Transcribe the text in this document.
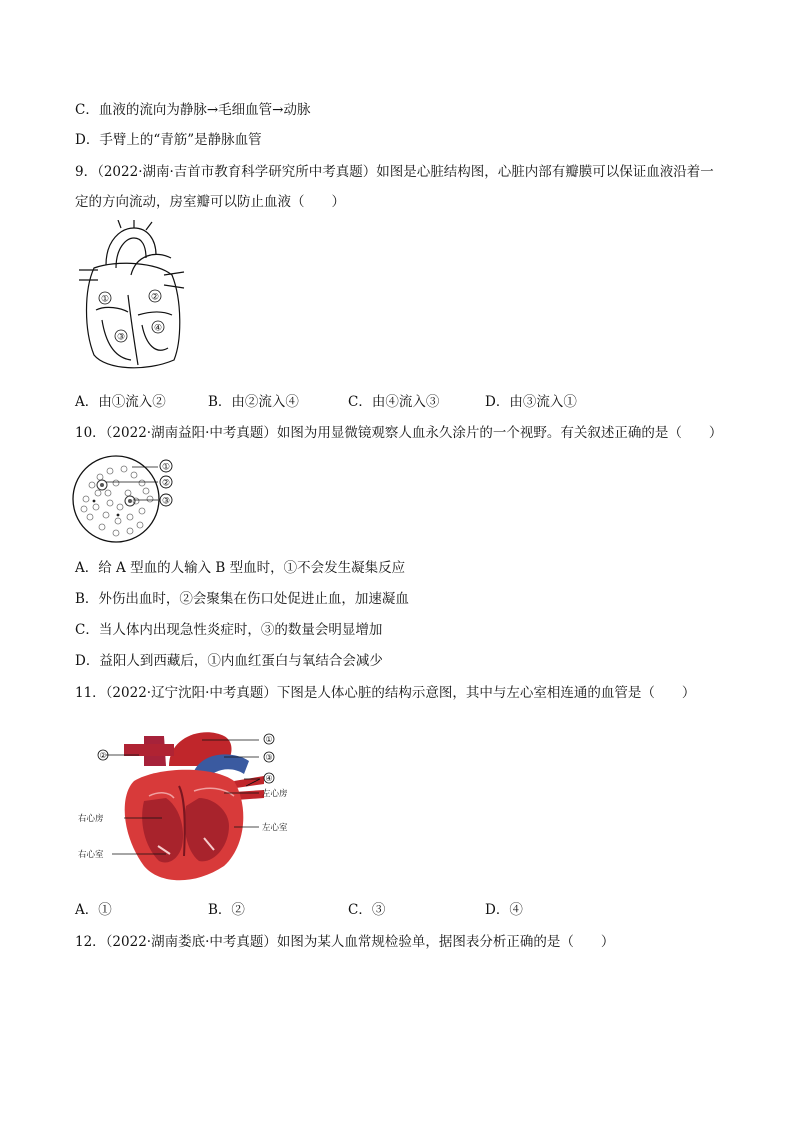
C．血液的流向为静脉→毛细血管→动脉
D．手臂上的“青筋”是静脉血管
9．（2022·湖南·吉首市教育科学研究所中考真题）如图是心脏结构图，心脏内部有瓣膜可以保证血液沿着一
定的方向流动，房室瓣可以防止血液（　　）
①	②
③
④
A．由①流入②	B．由②流入④	C．由④流入③	D．由③流入①
10．（2022·湖南益阳·中考真题）如图为用显微镜观察人血永久涂片的一个视野。有关叙述正确的是（　　）
①
②
③
A．给 A 型血的人输入 B 型血时，①不会发生凝集反应
B．外伤出血时，②会聚集在伤口处促进止血，加速凝血
C．当人体内出现急性炎症时，③的数量会明显增加
D．益阳人到西藏后，①内血红蛋白与氧结合会减少
11．（2022·辽宁沈阳·中考真题）下图是人体心脏的结构示意图，其中与左心室相连通的血管是（　　）
①
③
④
②
左心房
左心室
右心房
右心室
A．①	B．②	C．③	D．④
12．（2022·湖南娄底·中考真题）如图为某人血常规检验单，据图表分析正确的是（　　）
